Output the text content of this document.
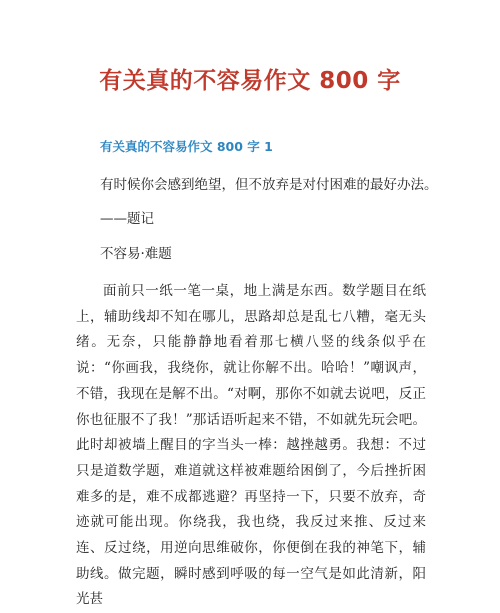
有关真的不容易作文 800 字
有关真的不容易作文 800 字 1
有时候你会感到绝望，但不放弃是对付困难的最好办法。
——题记
不容易·难题
面前只一纸一笔一桌，地上满是东西。数学题目在纸上，辅助线却不知在哪儿，思路却总是乱七八糟，毫无头绪。无奈，只能静静地看着那七横八竖的线条似乎在说：“你画我，我绕你，就让你解不出。哈哈！”嘲讽声，不错，我现在是解不出。“对啊，那你不如就去说吧，反正你也征服不了我！”那话语听起来不错，不如就先玩会吧。此时却被墙上醒目的字当头一棒：越挫越勇。我想：不过只是道数学题，难道就这样被难题给困倒了，今后挫折困难多的是，难不成都逃避？再坚持一下，只要不放弃，奇迹就可能出现。你绕我，我也绕，我反过来推、反过来连、反过绕，用逆向思维破你，你便倒在我的神笔下，辅助线。做完题，瞬时感到呼吸的每一空气是如此清新，阳光甚
